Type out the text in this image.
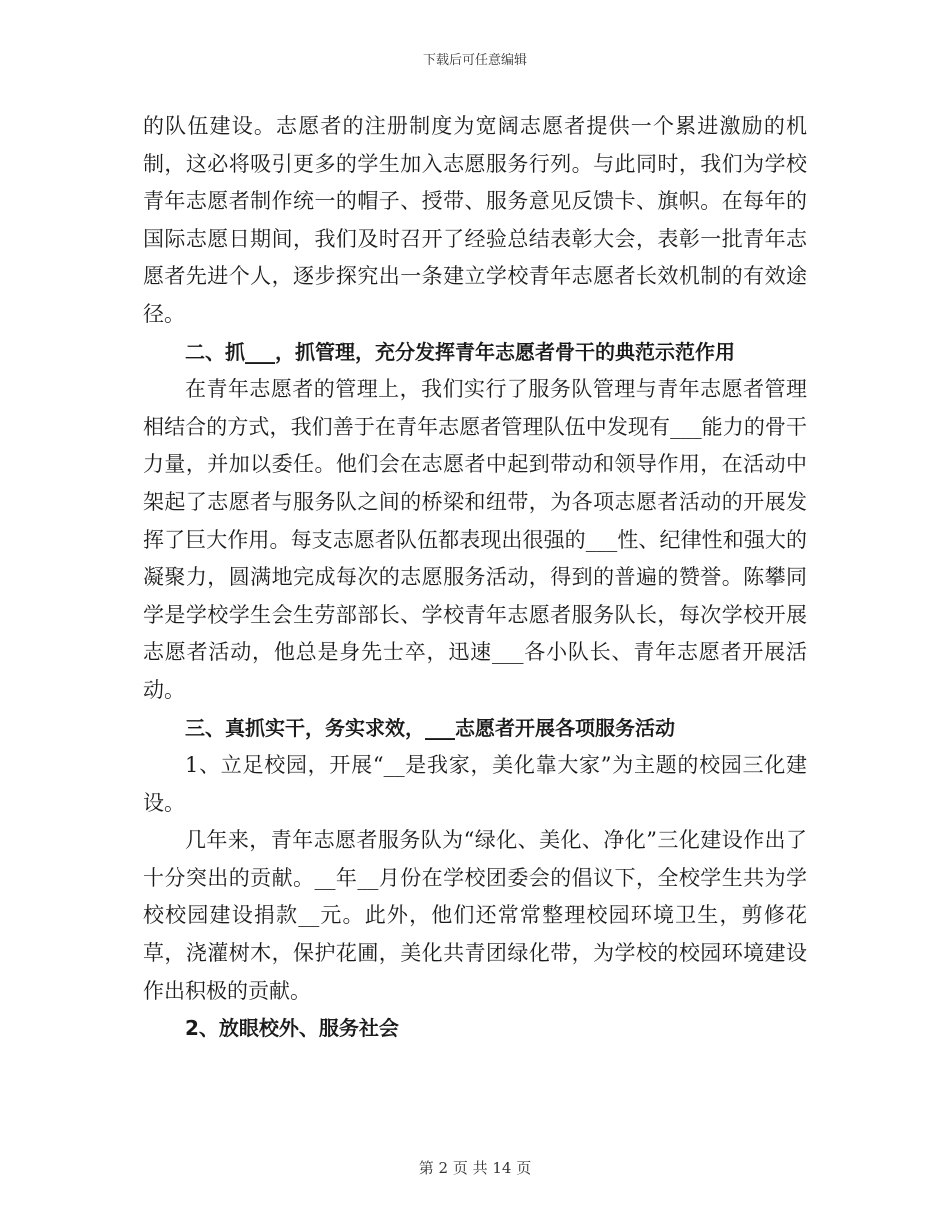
下载后可任意编辑

的队伍建设。志愿者的注册制度为宽阔志愿者提供一个累进激励的机制，这必将吸引更多的学生加入志愿服务行列。与此同时，我们为学校青年志愿者制作统一的帽子、授带、服务意见反馈卡、旗帜。在每年的国际志愿日期间，我们及时召开了经验总结表彰大会，表彰一批青年志愿者先进个人，逐步探究出一条建立学校青年志愿者长效机制的有效途径。

二、抓___，抓管理，充分发挥青年志愿者骨干的典范示范作用

在青年志愿者的管理上，我们实行了服务队管理与青年志愿者管理相结合的方式，我们善于在青年志愿者管理队伍中发现有___能力的骨干力量，并加以委任。他们会在志愿者中起到带动和领导作用，在活动中架起了志愿者与服务队之间的桥梁和纽带，为各项志愿者活动的开展发挥了巨大作用。每支志愿者队伍都表现出很强的___性、纪律性和强大的凝聚力，圆满地完成每次的志愿服务活动，得到的普遍的赞誉。陈攀同学是学校学生会生劳部部长、学校青年志愿者服务队长，每次学校开展志愿者活动，他总是身先士卒，迅速___各小队长、青年志愿者开展活动。

三、真抓实干，务实求效，___志愿者开展各项服务活动

1、立足校园，开展“__是我家，美化靠大家”为主题的校园三化建设。

几年来，青年志愿者服务队为“绿化、美化、净化”三化建设作出了十分突出的贡献。__年__月份在学校团委会的倡议下，全校学生共为学校校园建设捐款__元。此外，他们还常常整理校园环境卫生，剪修花草，浇灌树木，保护花圃，美化共青团绿化带，为学校的校园环境建设作出积极的贡献。

2、放眼校外、服务社会

第 2 页 共 14 页
